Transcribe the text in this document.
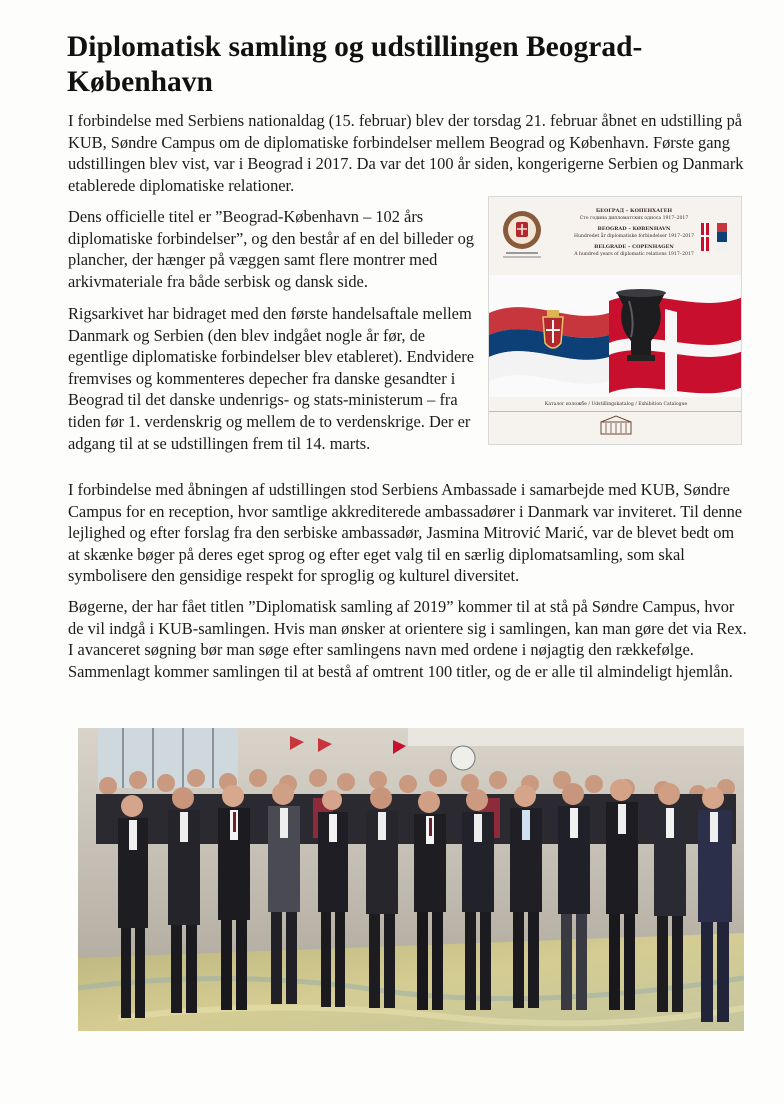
Diplomatisk samling og udstillingen Beograd-København

I forbindelse med Serbiens nationaldag (15. februar) blev der torsdag 21. februar åbnet en udstilling på KUB, Søndre Campus om de diplomatiske forbindelser mellem Beograd og København. Første gang udstillingen blev vist, var i Beograd i 2017. Da var det 100 år siden, kongerigerne Serbien og Danmark etablerede diplomatiske relationer.

Dens officielle titel er ”Beograd-København – 102 års diplomatiske forbindelser”, og den består af en del billeder og plancher, der hænger på væggen samt flere montrer med arkivmateriale fra både serbisk og dansk side.

Rigsarkivet har bidraget med den første handelsaftale mellem Danmark og Serbien (den blev indgået nogle år før, de egentlige diplomatiske forbindelser blev etableret). Endvidere fremvises og kommenteres depecher fra danske gesandter i Beograd til det danske undenrigs- og stats-ministerum – fra tiden før 1. verdenskrig og mellem de to verdenskrige. Der er adgang til at se udstillingen frem til 14. marts.

БЕОГРАД – КОПЕНХАГЕН

Сто година дипломатских односа 1917–2017

BEOGRAD – KØBENHAVN

Hundredet år diplomatiske forbindelser 1917–2017

BELGRADE – COPENHAGEN

A hundred years of diplomatic relations 1917–2017

Каталог изложбе / Udstillingskatalog / Exhibition Catalogue

I forbindelse med åbningen af udstillingen stod Serbiens Ambassade i samarbejde med KUB, Søndre Campus for en reception, hvor samtlige akkrediterede ambassadører i Danmark var inviteret. Til denne lejlighed og efter forslag fra den serbiske ambassadør, Jasmina Mitrović Marić, var de blevet bedt om at skænke bøger på deres eget sprog og efter eget valg til en særlig diplomatsamling, som skal symbolisere den gensidige respekt for sproglig og kulturel diversitet.

Bøgerne, der har fået titlen ”Diplomatisk samling af 2019” kommer til at stå på Søndre Campus, hvor de vil indgå i KUB-samlingen. Hvis man ønsker at orientere sig i samlingen, kan man gøre det via Rex. I avanceret søgning bør man søge efter samlingens navn med ordene i nøjagtig den rækkefølge. Sammenlagt kommer samlingen til at bestå af omtrent 100 titler, og de er alle til almindeligt hjemlån.
